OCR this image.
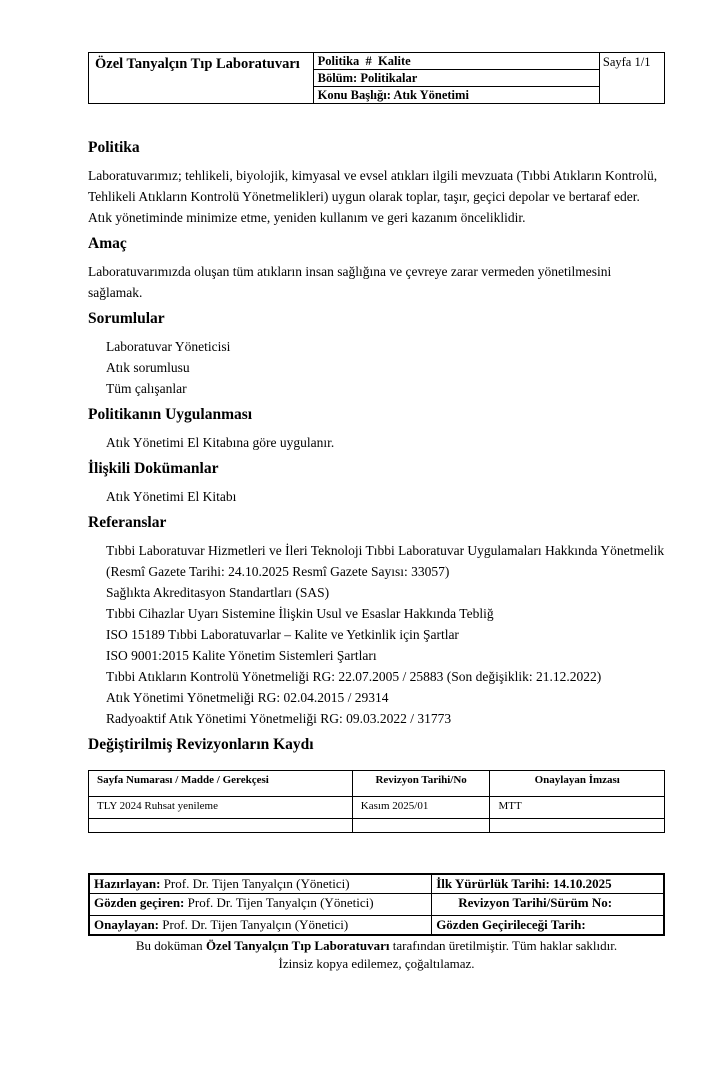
Özel Tanyalçın Tıp Laboratuvarı	Politika  #  Kalite	Sayfa 1/1
Bölüm: Politikalar
Konu Başlığı: Atık Yönetimi
Politika

Laboratuvarımız; tehlikeli, biyolojik, kimyasal ve evsel atıkları ilgili mevzuata (Tıbbi Atıkların Kontrolü, Tehlikeli Atıkların Kontrolü Yönetmelikleri) uygun olarak toplar, taşır, geçici depolar ve bertaraf eder. Atık yönetiminde minimize etme, yeniden kullanım ve geri kazanım önceliklidir.

Amaç

Laboratuvarımızda oluşan tüm atıkların insan sağlığına ve çevreye zarar vermeden yönetilmesini sağlamak.

Sorumlular
Laboratuvar Yöneticisi
Atık sorumlusu
Tüm çalışanlar
Politikanın Uygulanması
Atık Yönetimi El Kitabına göre uygulanır.
İlişkili Dokümanlar
Atık Yönetimi El Kitabı
Referanslar
Tıbbi Laboratuvar Hizmetleri ve İleri Teknoloji Tıbbi Laboratuvar Uygulamaları Hakkında Yönetmelik (Resmî Gazete Tarihi: 24.10.2025 Resmî Gazete Sayısı: 33057)
Sağlıkta Akreditasyon Standartları (SAS)
Tıbbi Cihazlar Uyarı Sistemine İlişkin Usul ve Esaslar Hakkında Tebliğ
ISO 15189 Tıbbi Laboratuvarlar – Kalite ve Yetkinlik için Şartlar
ISO 9001:2015 Kalite Yönetim Sistemleri Şartları
Tıbbi Atıkların Kontrolü Yönetmeliği RG: 22.07.2005 / 25883 (Son değişiklik: 21.12.2022)
Atık Yönetimi Yönetmeliği RG: 02.04.2015 / 29314
Radyoaktif Atık Yönetimi Yönetmeliği RG: 09.03.2022 / 31773
Değiştirilmiş Revizyonların Kaydı
Sayfa Numarası / Madde / Gerekçesi	Revizyon Tarihi/No	Onaylayan İmzası
TLY 2024 Ruhsat yenileme	Kasım 2025/01	MTT

Hazırlayan: Prof. Dr. Tijen Tanyalçın (Yönetici)	İlk Yürürlük Tarihi: 14.10.2025
Gözden geçiren: Prof. Dr. Tijen Tanyalçın (Yönetici)	Revizyon Tarihi/Sürüm No:
Onaylayan: Prof. Dr. Tijen Tanyalçın (Yönetici)	Gözden Geçirileceği Tarih:
Bu doküman Özel Tanyalçın Tıp Laboratuvarı tarafından üretilmiştir. Tüm haklar saklıdır.
İzinsiz kopya edilemez, çoğaltılamaz.
